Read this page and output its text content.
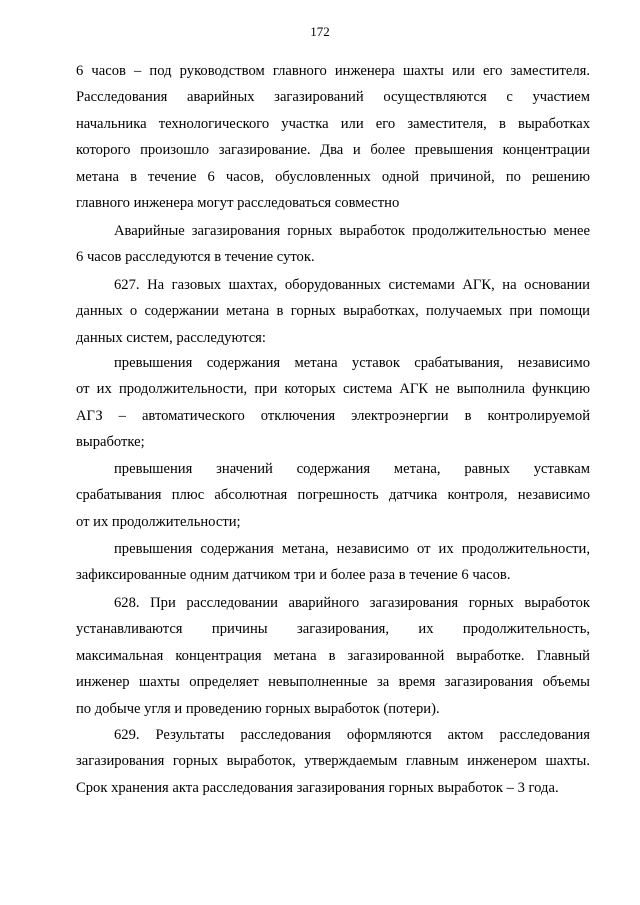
172
6 часов – под руководством главного инженера шахты или его заместителя.
Расследования аварийных загазирований осуществляются с участием
начальника технологического участка или его заместителя, в выработках
которого произошло загазирование. Два и более превышения концентрации
метана в течение 6 часов, обусловленных одной причиной, по решению
главного инженера могут расследоваться совместно
Аварийные загазирования горных выработок продолжительностью менее
6 часов расследуются в течение суток.
627. На газовых шахтах, оборудованных системами АГК, на основании
данных о содержании метана в горных выработках, получаемых при помощи
данных систем, расследуются:
превышения содержания метана уставок срабатывания, независимо
от их продолжительности, при которых система АГК не выполнила функцию
АГЗ – автоматического отключения электроэнергии в контролируемой
выработке;
превышения значений содержания метана, равных уставкам
срабатывания плюс абсолютная погрешность датчика контроля, независимо
от их продолжительности;
превышения содержания метана, независимо от их продолжительности,
зафиксированные одним датчиком три и более раза в течение 6 часов.
628. При расследовании аварийного загазирования горных выработок
устанавливаются причины загазирования, их продолжительность,
максимальная концентрация метана в загазированной выработке. Главный
инженер шахты определяет невыполненные за время загазирования объемы
по добыче угля и проведению горных выработок (потери).
629. Результаты расследования оформляются актом расследования
загазирования горных выработок, утверждаемым главным инженером шахты.
Срок хранения акта расследования загазирования горных выработок – 3 года.
